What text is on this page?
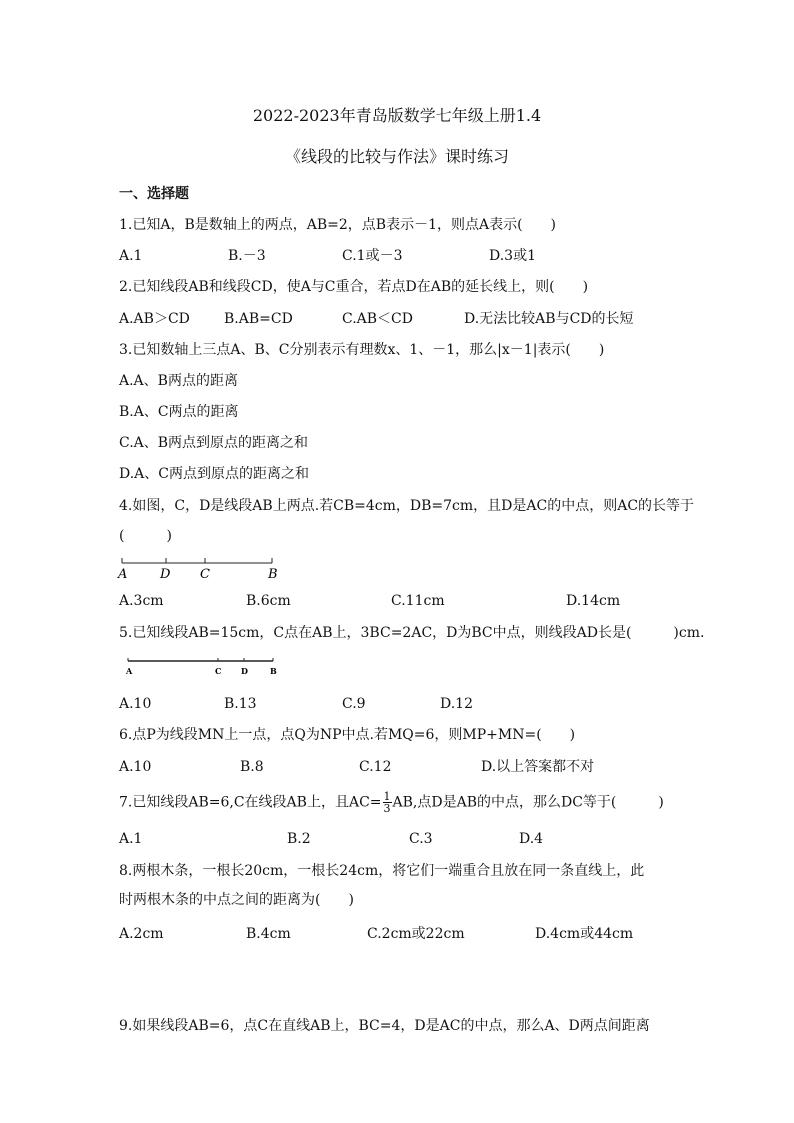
2022-2023年青岛版数学七年级上册1.4
《线段的比较与作法》课时练习
一、选择题
1.已知A，B是数轴上的两点，AB=2，点B表示－1，则点A表示(　　)
A.1	B.－3	C.1或－3	D.3或1
2.已知线段AB和线段CD，使A与C重合，若点D在AB的延长线上，则(　　)
A.AB＞CD B.AB=CD	C.AB＜CD	D.无法比较AB与CD的长短
3.已知数轴上三点A、B、C分别表示有理数x、1、－1，那么|x－1|表示(　　)
A.A、B两点的距离
B.A、C两点的距离
C.A、B两点到原点的距离之和
D.A、C两点到原点的距离之和
4.如图，C，D是线段AB上两点.若CB=4cm，DB=7cm，且D是AC的中点，则AC的长等于
(　　　)
A	D C	B
A.3cm	B.6cm	C.11cm	D.14cm
5.已知线段AB=15cm，C点在AB上，3BC=2AC，D为BC中点，则线段AD长是(　　　)cm.
A	C D	B
A.10	B.13	C.9	D.12
6.点P为线段MN上一点，点Q为NP中点.若MQ=6，则MP+MN=(　　)
A.10	B.8	C.12	D.以上答案都不对
7.已知线段AB=6,C在线段AB上，且$AC= \frac{1}{3}$ AB,点D是AB的中点，那么DC等于(　　　)
A.1	B.2	C.3	D.4
8.两根木条，一根长20cm，一根长24cm，将它们一端重合且放在同一条直线上，此
时两根木条的中点之间的距离为(　　)
A.2cm	B.4cm	C.2cm或22cm	D.4cm或44cm
9.如果线段AB=6，点C在直线AB上，BC=4，D是AC的中点，那么A、D两点间距离
